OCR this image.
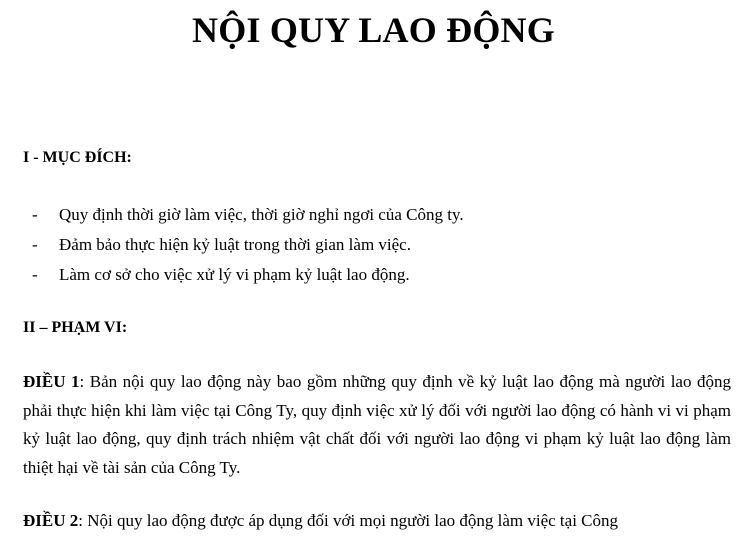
NỘI QUY LAO ĐỘNG
I - MỤC ĐÍCH:
- Quy định thời giờ làm việc, thời giờ nghỉ ngơi của Công ty.
- Đảm bảo thực hiện kỷ luật trong thời gian làm việc.
- Làm cơ sở cho việc xử lý vi phạm kỷ luật lao động.
II – PHẠM VI:

ĐIỀU 1: Bản nội quy lao động này bao gồm những quy định về kỷ luật lao động mà người lao động phải thực hiện khi làm việc tại Công Ty, quy định việc xử lý đối với người lao động có hành vi vi phạm kỷ luật lao động, quy định trách nhiệm vật chất đối với người lao động vi phạm kỷ luật lao động làm thiệt hại về tài sản của Công Ty.

ĐIỀU 2: Nội quy lao động được áp dụng đối với mọi người lao động làm việc tại Công
